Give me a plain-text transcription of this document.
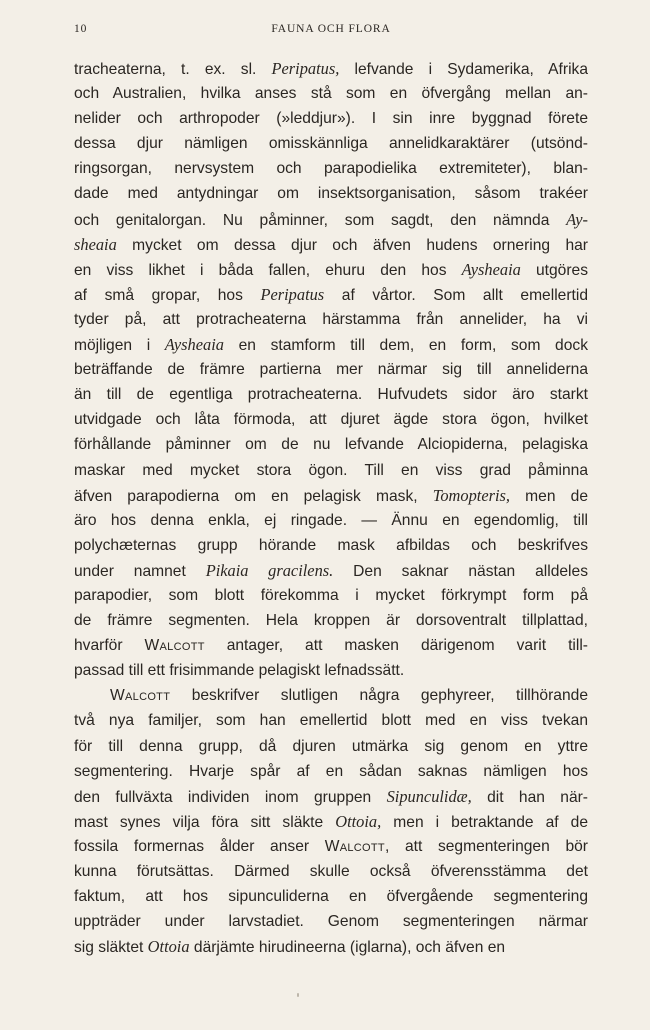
10	FAUNA OCH FLORA
tracheaterna, t. ex. sl. Peripatus, lefvande i Sydamerika, Afrika
och Australien, hvilka anses stå som en öfvergång mellan an-
nelider och arthropoder (»leddjur»). I sin inre byggnad förete
dessa djur nämligen omisskännliga annelidkaraktärer (utsönd-
ringsorgan, nervsystem och parapodielika extremiteter), blan-
dade med antydningar om insektsorganisation, såsom trakéer
och genitalorgan. Nu påminner, som sagdt, den nämnda Ay-
sheaia mycket om dessa djur och äfven hudens ornering har
en viss likhet i båda fallen, ehuru den hos Aysheaia utgöres
af små gropar, hos Peripatus af vårtor. Som allt emellertid
tyder på, att protracheaterna härstamma från annelider, ha vi
möjligen i Aysheaia en stamform till dem, en form, som dock
beträffande de främre partierna mer närmar sig till anneliderna
än till de egentliga protracheaterna. Hufvudets sidor äro starkt
utvidgade och låta förmoda, att djuret ägde stora ögon, hvilket
förhållande påminner om de nu lefvande Alciopiderna, pelagiska
maskar med mycket stora ögon. Till en viss grad påminna
äfven parapodierna om en pelagisk mask, Tomopteris, men de
äro hos denna enkla, ej ringade. — Ännu en egendomlig, till
polychæternas grupp hörande mask afbildas och beskrifves
under namnet Pikaia gracilens. Den saknar nästan alldeles
parapodier, som blott förekomma i mycket förkrympt form på
de främre segmenten. Hela kroppen är dorsoventralt tillplattad,
hvarför Walcott antager, att masken därigenom varit till-
passad till ett frisimmande pelagiskt lefnadssätt.
Walcott beskrifver slutligen några gephyreer, tillhörande
två nya familjer, som han emellertid blott med en viss tvekan
för till denna grupp, då djuren utmärka sig genom en yttre
segmentering. Hvarje spår af en sådan saknas nämligen hos
den fullväxta individen inom gruppen Sipunculidæ, dit han när-
mast synes vilja föra sitt släkte Ottoia, men i betraktande af de
fossila formernas ålder anser Walcott, att segmenteringen bör
kunna förutsättas. Därmed skulle också öfverensstämma det
faktum, att hos sipunculiderna en öfvergående segmentering
uppträder under larvstadiet. Genom segmenteringen närmar
sig släktet Ottoia därjämte hirudineerna (iglarna), och äfven en
